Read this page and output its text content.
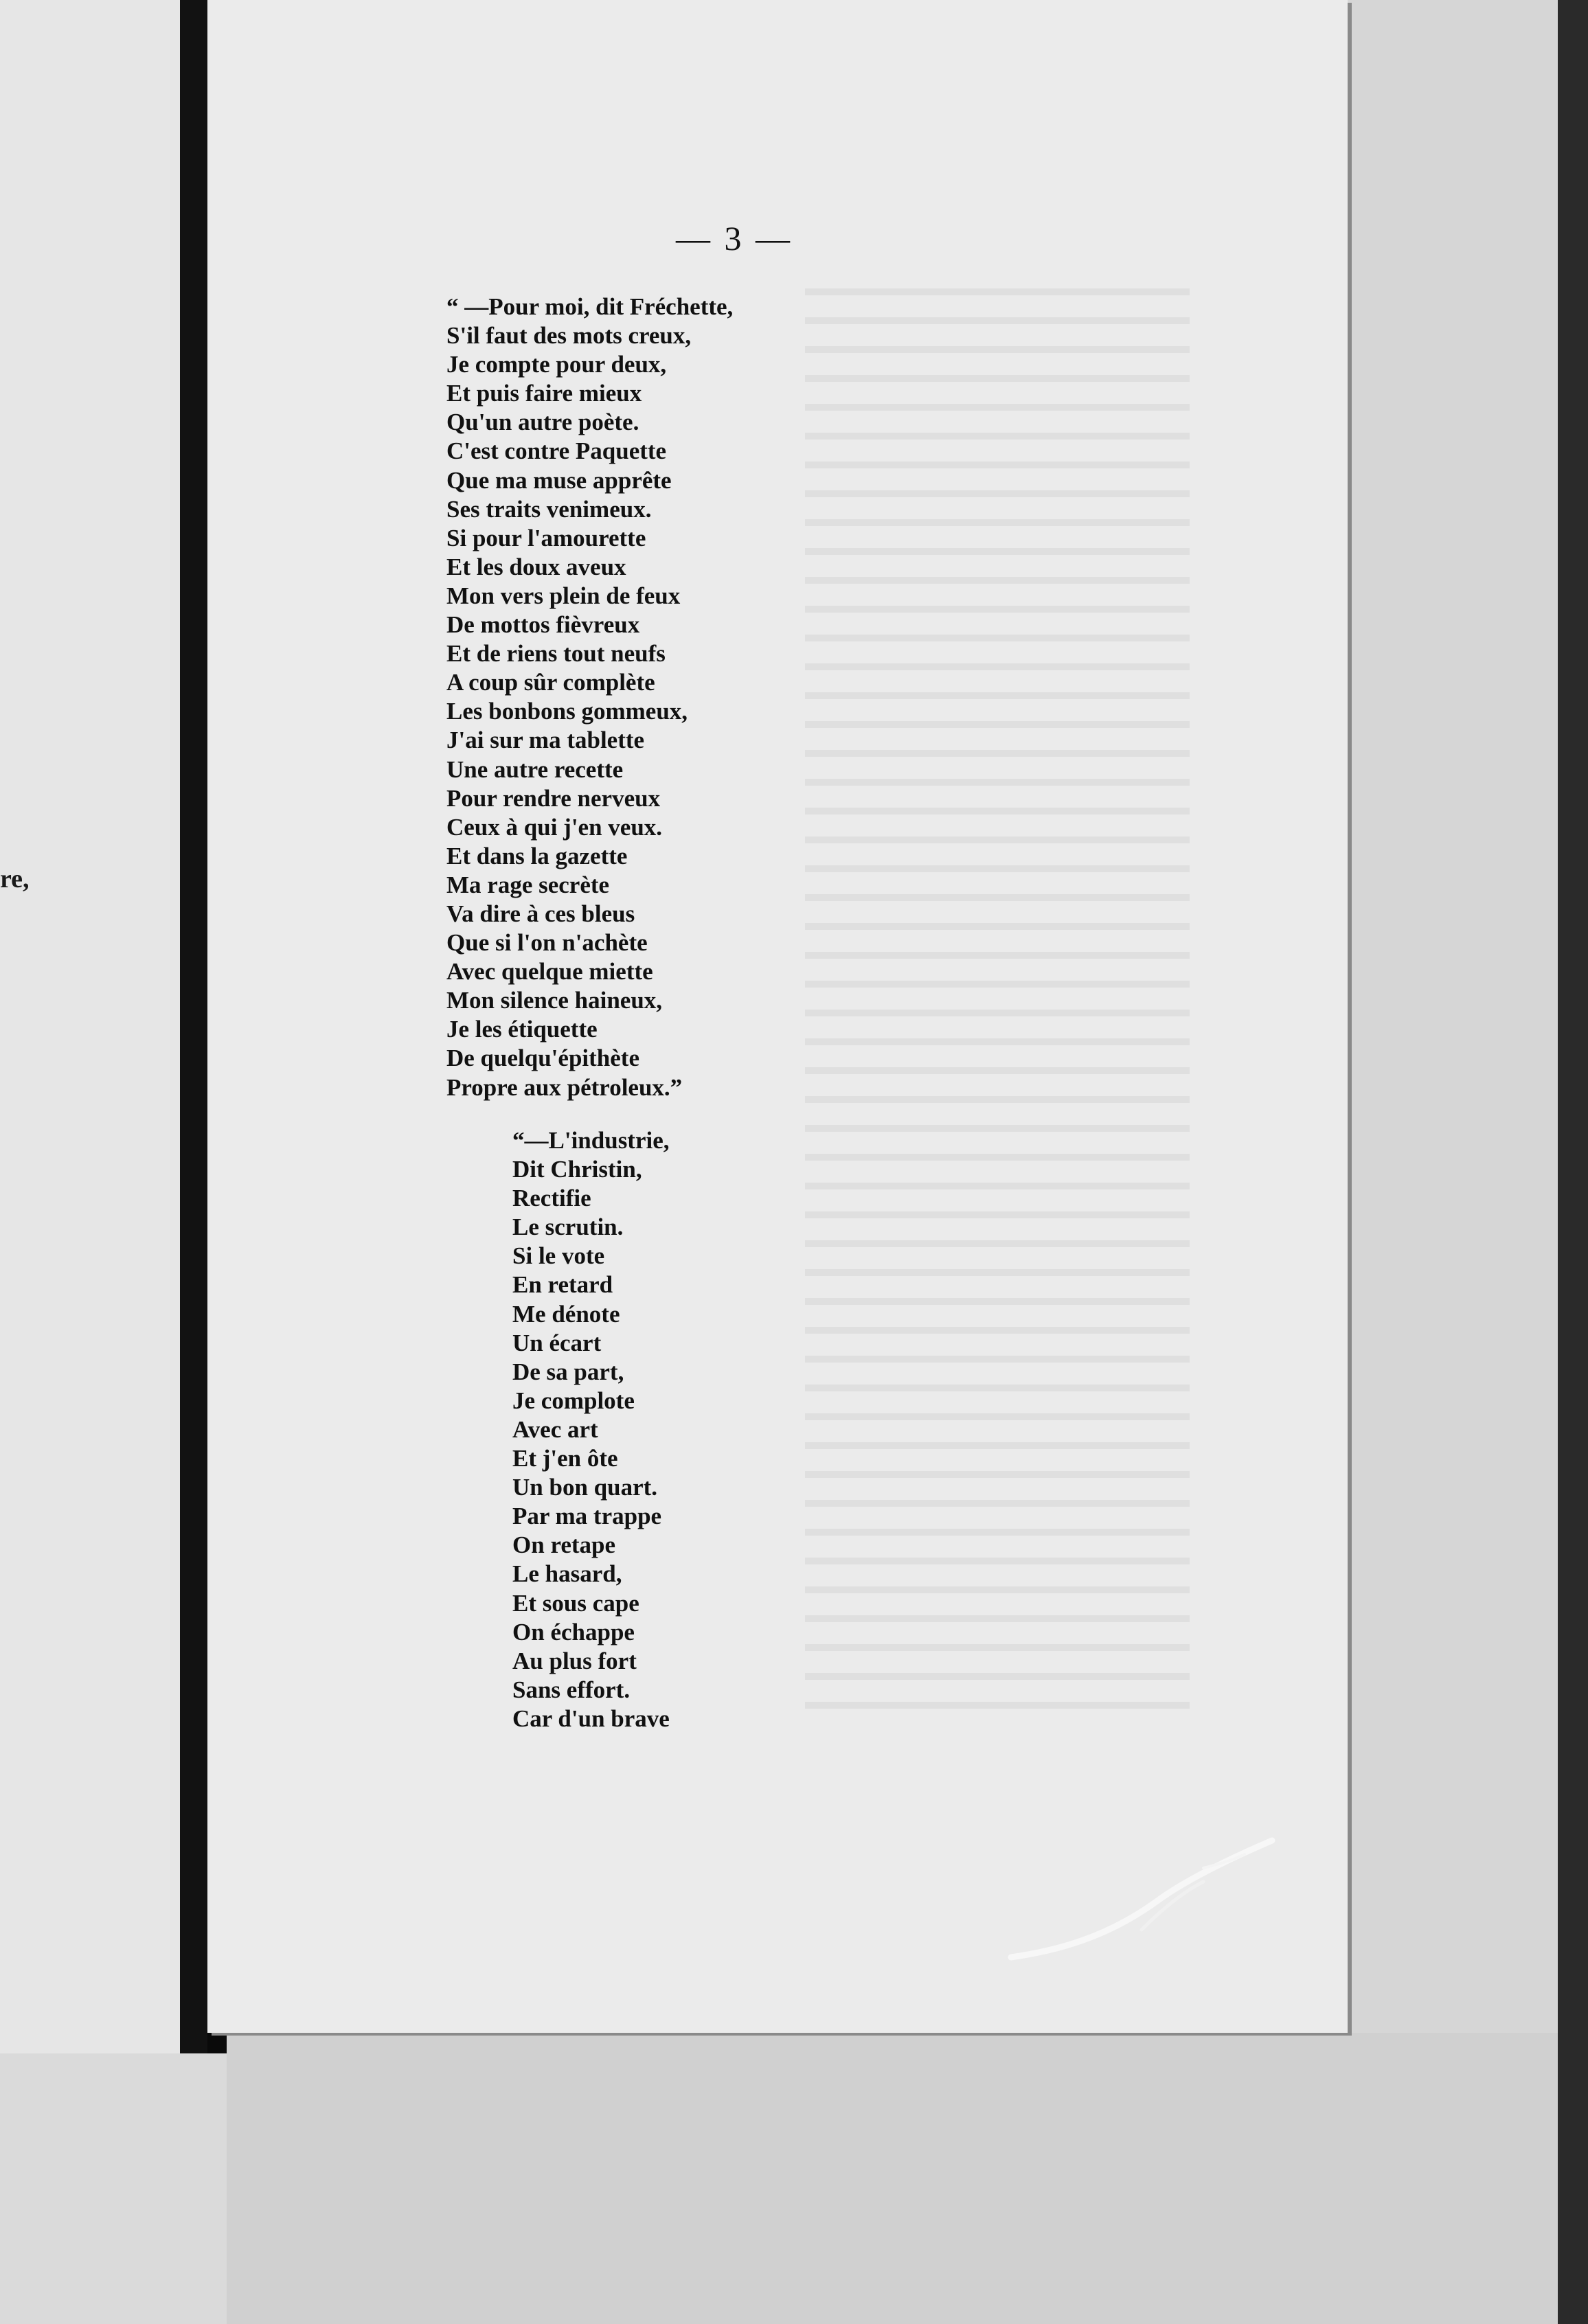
re,
— 3 —
“ —Pour moi, dit Fréchette,
S'il faut des mots creux,
Je compte pour deux,
Et puis faire mieux
Qu'un autre poète.
C'est contre Paquette
Que ma muse apprête
Ses traits venimeux.
Si pour l'amourette
Et les doux aveux
Mon vers plein de feux
De mottos fièvreux
Et de riens tout neufs
A coup sûr complète
Les bonbons gommeux,
J'ai sur ma tablette
Une autre recette
Pour rendre nerveux
Ceux à qui j'en veux.
Et dans la gazette
Ma rage secrète
Va dire à ces bleus
Que si l'on n'achète
Avec quelque miette
Mon silence haineux,
Je les étiquette
De quelqu'épithète
Propre aux pétroleux.”
“—L'industrie,
Dit Christin,
Rectifie
Le scrutin.
Si le vote
En retard
Me dénote
Un écart
De sa part,
Je complote
Avec art
Et j'en ôte
Un bon quart.
Par ma trappe
On retape
Le hasard,
Et sous cape
On échappe
Au plus fort
Sans effort.
Car d'un brave
